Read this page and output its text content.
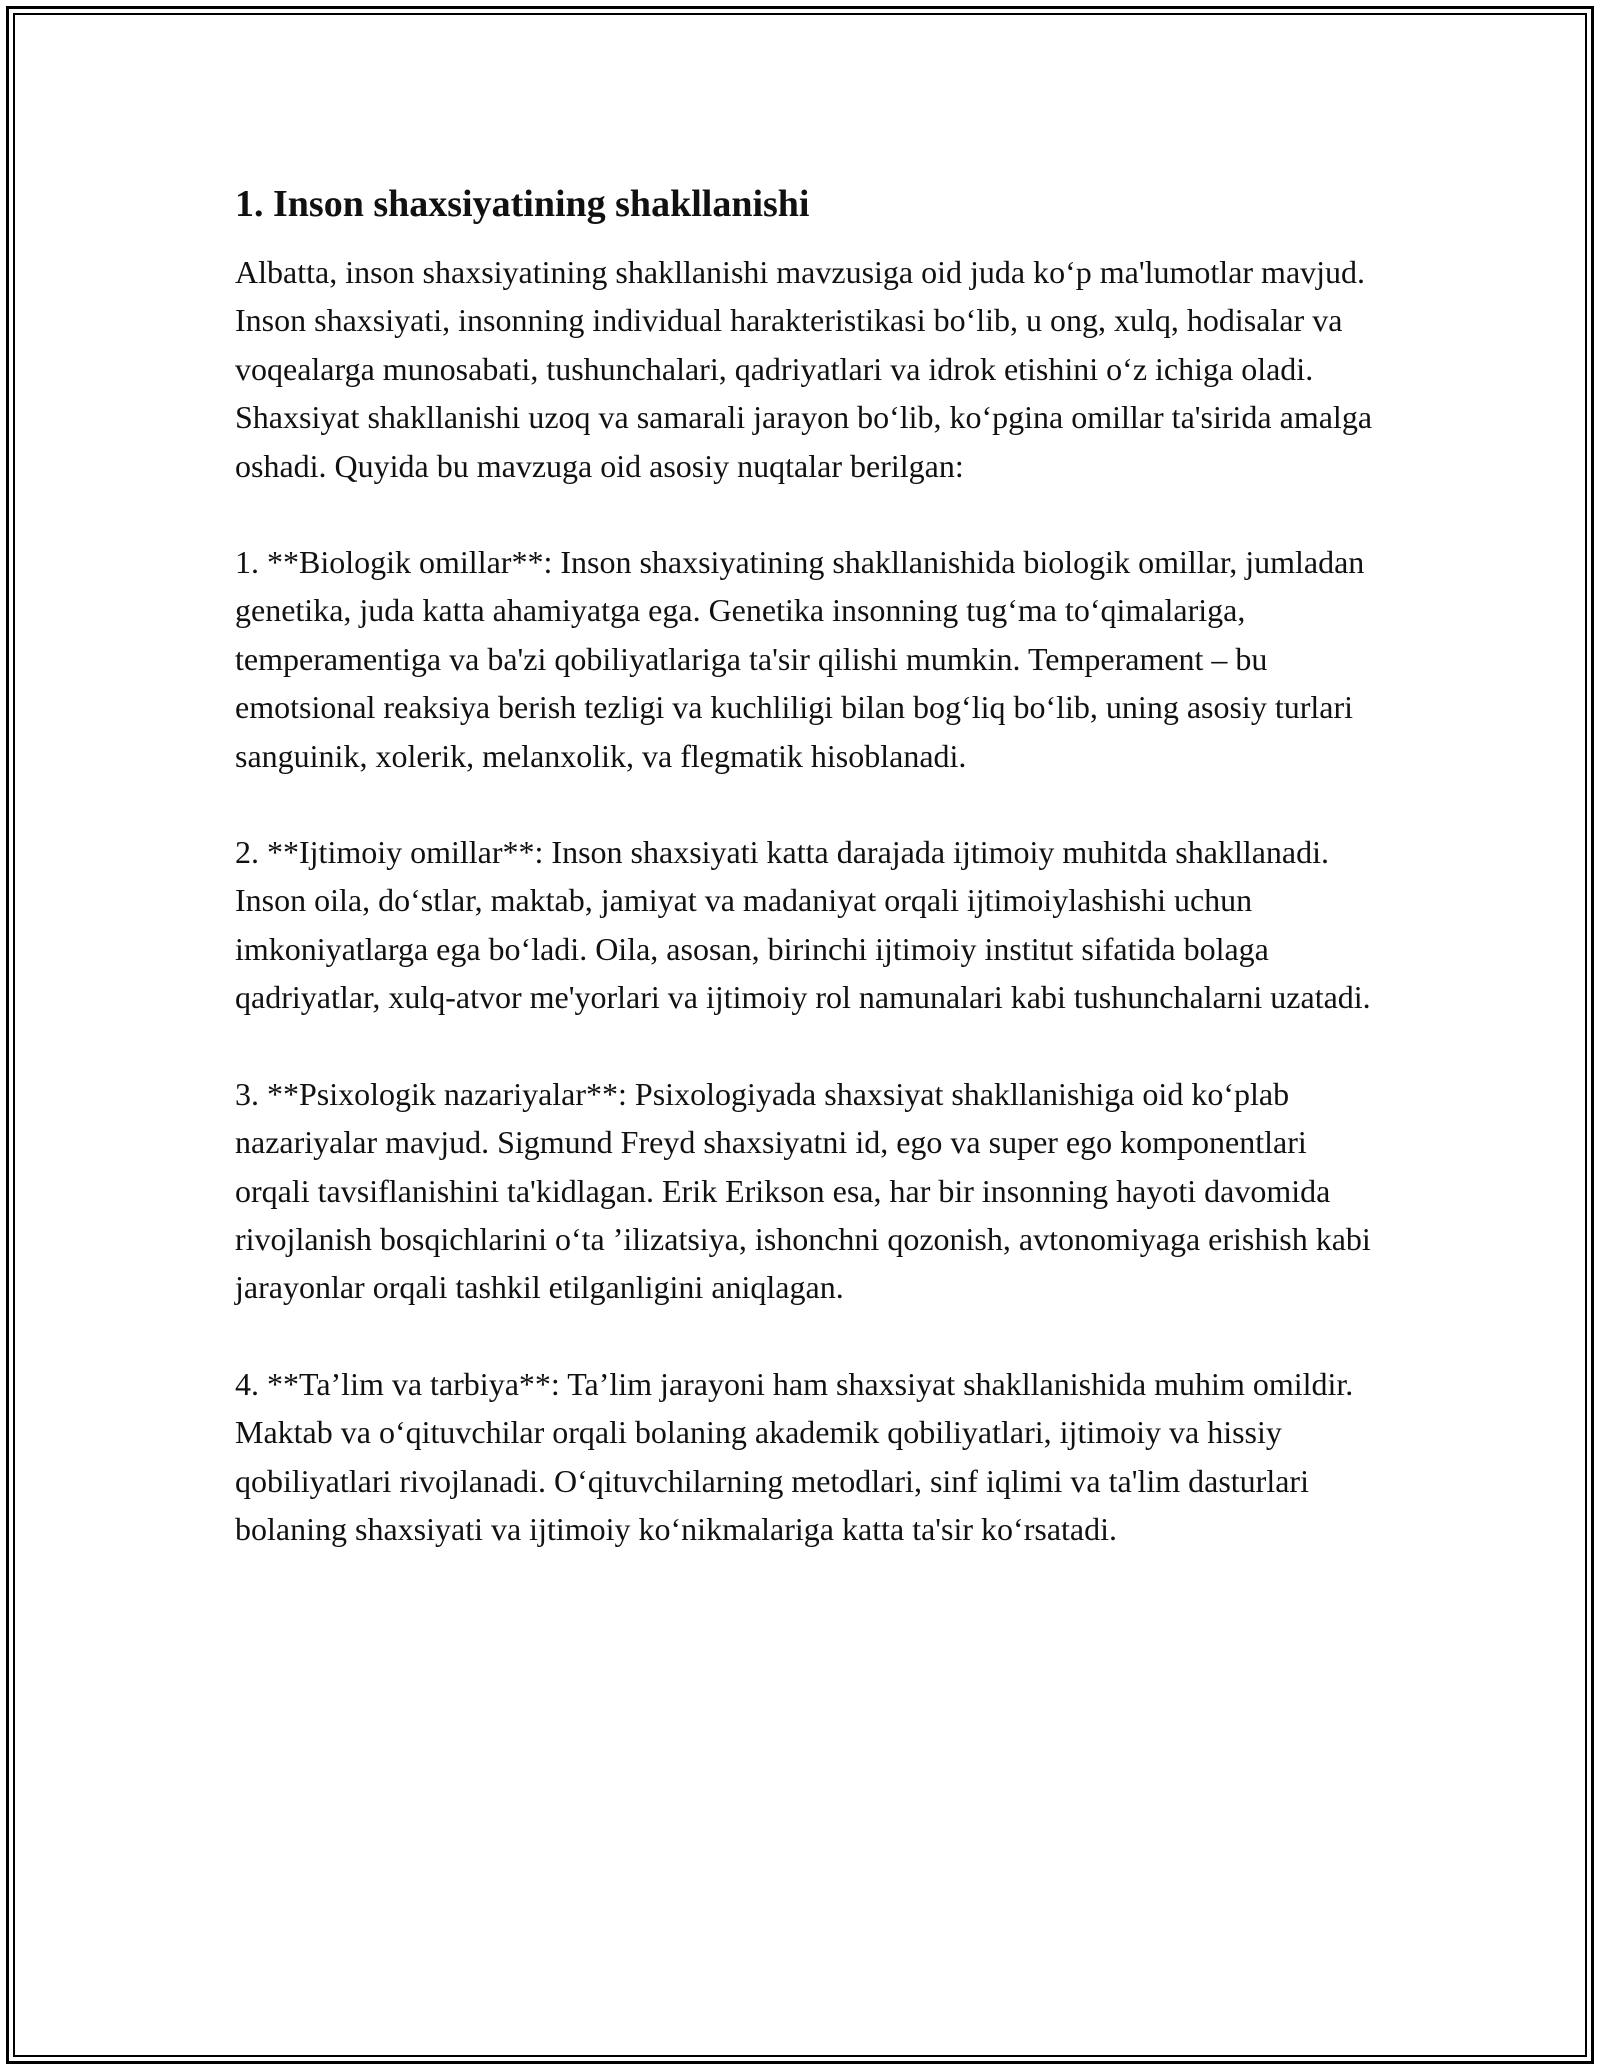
1. Inson shaxsiyatining shakllanishi

Albatta, inson shaxsiyatining shakllanishi mavzusiga oid juda ko‘p ma'lumotlar mavjud. Inson shaxsiyati, insonning individual harakteristikasi bo‘lib, u ong, xulq, hodisalar va voqealarga munosabati, tushunchalari, qadriyatlari va idrok etishini o‘z ichiga oladi. Shaxsiyat shakllanishi uzoq va samarali jarayon bo‘lib, ko‘pgina omillar ta'sirida amalga oshadi. Quyida bu mavzuga oid asosiy nuqtalar berilgan:

1. **Biologik omillar**: Inson shaxsiyatining shakllanishida biologik omillar, jumladan genetika, juda katta ahamiyatga ega. Genetika insonning tug‘ma to‘qimalariga, temperamentiga va ba'zi qobiliyatlariga ta'sir qilishi mumkin. Temperament – bu emotsional reaksiya berish tezligi va kuchliligi bilan bog‘liq bo‘lib, uning asosiy turlari sanguinik, xolerik, melanxolik, va flegmatik hisoblanadi.

2. **Ijtimoiy omillar**: Inson shaxsiyati katta darajada ijtimoiy muhitda shakllanadi. Inson oila, do‘stlar, maktab, jamiyat va madaniyat orqali ijtimoiylashishi uchun imkoniyatlarga ega bo‘ladi. Oila, asosan, birinchi ijtimoiy institut sifatida bolaga qadriyatlar, xulq-atvor me'yorlari va ijtimoiy rol namunalari kabi tushunchalarni uzatadi.

3. **Psixologik nazariyalar**: Psixologiyada shaxsiyat shakllanishiga oid ko‘plab nazariyalar mavjud. Sigmund Freyd shaxsiyatni id, ego va super ego komponentlari orqali tavsiflanishini ta'kidlagan. Erik Erikson esa, har bir insonning hayoti davomida rivojlanish bosqichlarini o‘ta ’ilizatsiya, ishonchni qozonish, avtonomiyaga erishish kabi jarayonlar orqali tashkil etilganligini aniqlagan.

4. **Ta’lim va tarbiya**: Ta’lim jarayoni ham shaxsiyat shakllanishida muhim omildir. Maktab va o‘qituvchilar orqali bolaning akademik qobiliyatlari, ijtimoiy va hissiy qobiliyatlari rivojlanadi. O‘qituvchilarning metodlari, sinf iqlimi va ta'lim dasturlari bolaning shaxsiyati va ijtimoiy ko‘nikmalariga katta ta'sir ko‘rsatadi.
